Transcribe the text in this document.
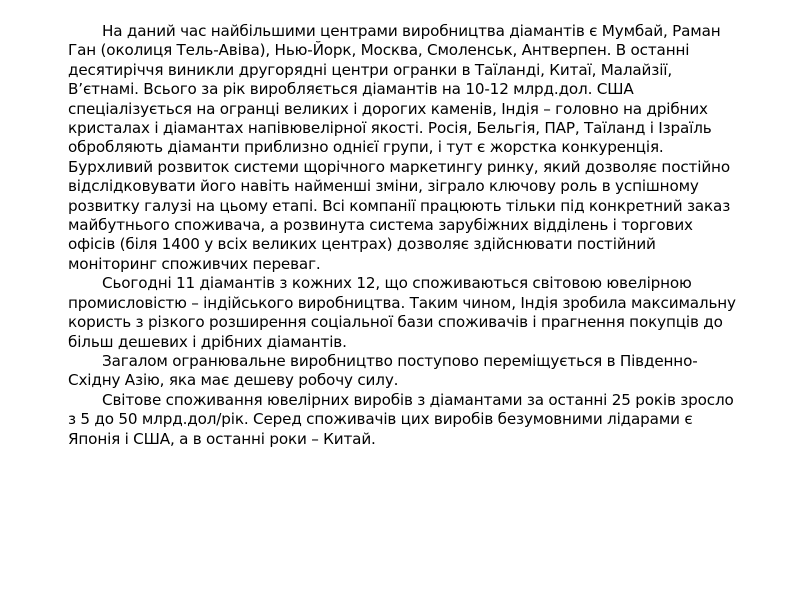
На даний час найбільшими центрами виробництва діамантів є Мумбай, Раман Ган (околиця Тель-Авіва), Нью-Йорк, Москва, Смоленськ, Антверпен. В останні десятиріччя виникли другорядні центри огранки в Таїланді, Китаї, Малайзії, В’єтнамі. Всього за рік виробляється діамантів на 10-12 млрд.дол. США спеціалізується на огранці великих і дорогих каменів, Індія – головно на дрібних кристалах і діамантах напівювелірної якості. Росія, Бельгія, ПАР, Таїланд і Ізраїль обробляють діаманти приблизно однієї групи, і тут є жорстка конкуренція. Бурхливий розвиток системи щорічного маркетингу ринку, який дозволяє постійно відслідковувати його навіть найменші зміни, зіграло ключову роль в успішному розвитку галузі на цьому етапі. Всі компанії працюють тільки під конкретний заказ майбутнього споживача, а розвинута система зарубіжних відділень і торгових офісів (біля 1400 у всіх великих центрах) дозволяє здійснювати постійний моніторинг споживчих переваг.

Сьогодні 11 діамантів з кожних 12, що споживаються світовою ювелірною промисловістю – індійського виробництва. Таким чином, Індія зробила максимальну користь з різкого розширення соціальної бази споживачів і прагнення покупців до більш дешевих і дрібних діамантів.

Загалом огранювальне виробництво поступово переміщується в Південно-Східну Азію, яка має дешеву робочу силу.

Світове споживання ювелірних виробів з діамантами за останні 25 років зросло з 5 до 50 млрд.дол/рік. Серед споживачів цих виробів безумовними лідарами є Японія і США, а в останні роки – Китай.
